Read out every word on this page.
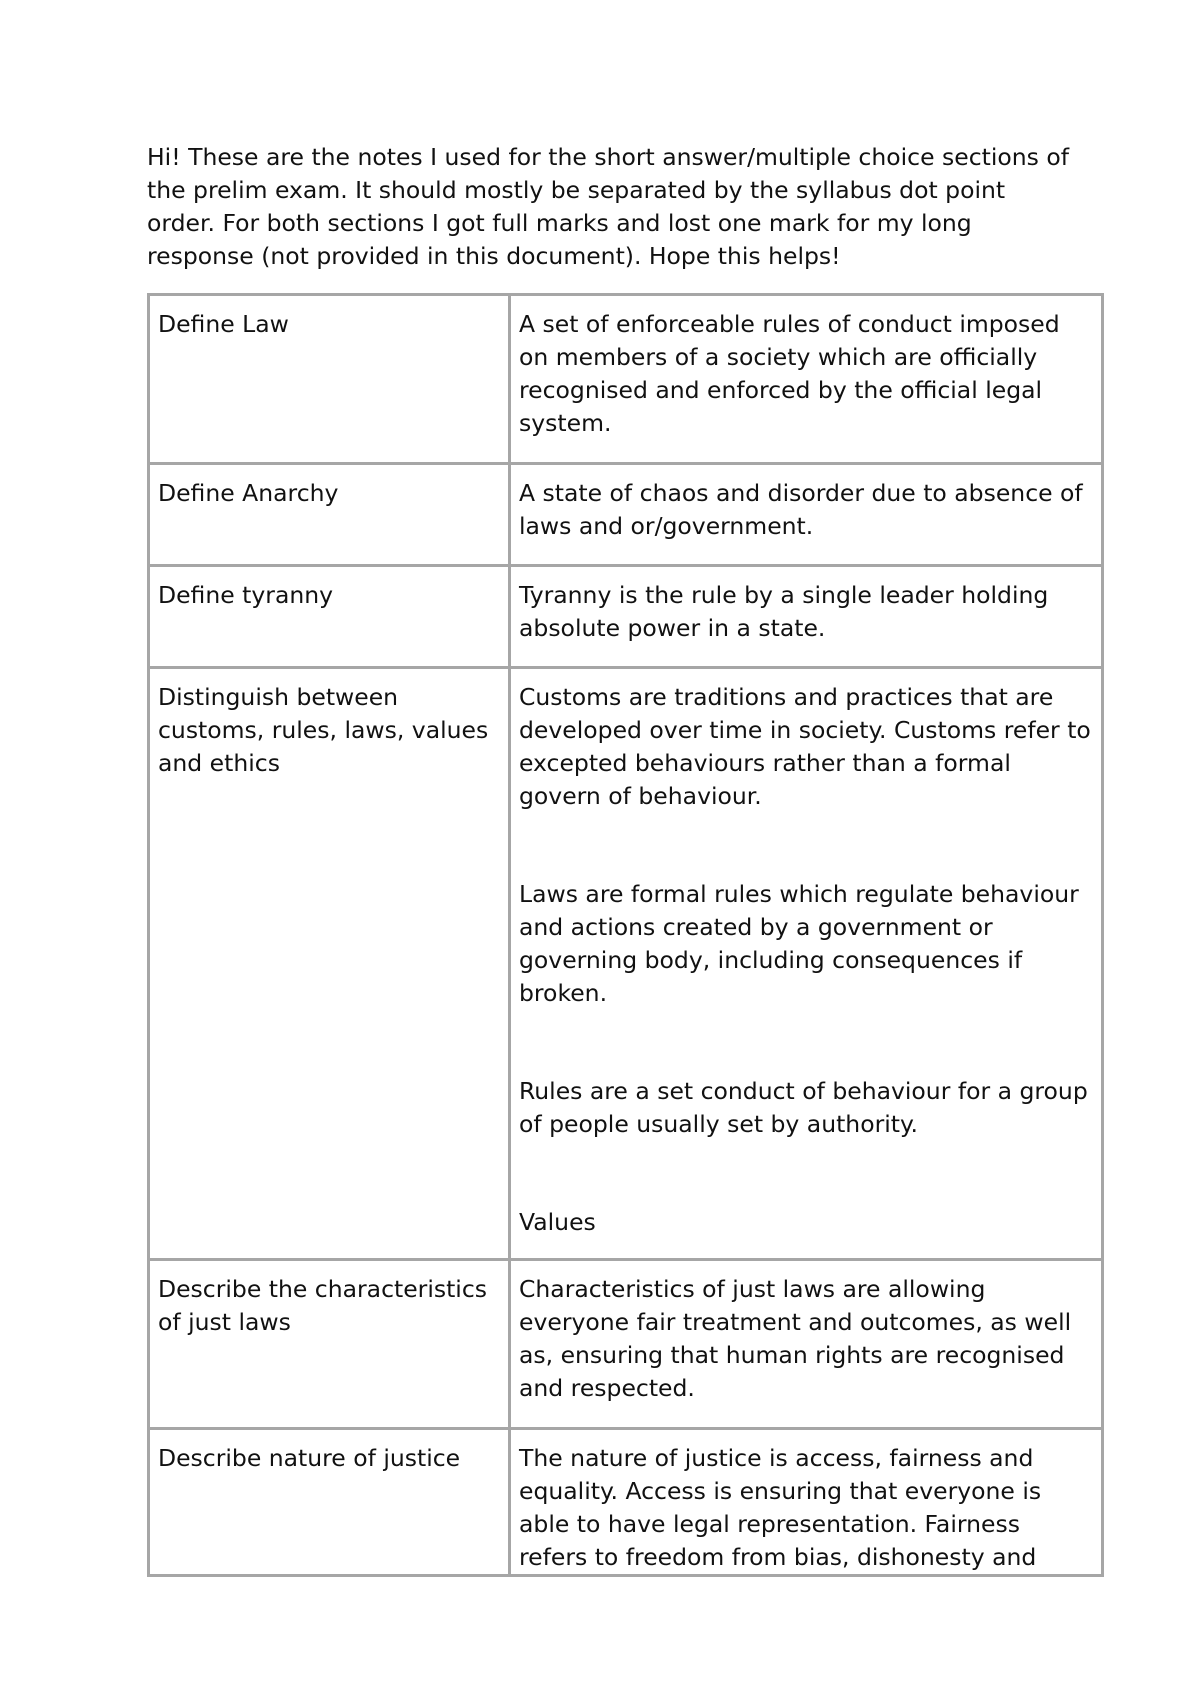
Hi! These are the notes I used for the short answer/multiple choice sections of the prelim exam. It should mostly be separated by the syllabus dot point order. For both sections I got full marks and lost one mark for my long response (not provided in this document). Hope this helps!

Define Law	A set of enforceable rules of conduct imposed on members of a society which are officially recognised and enforced by the official legal system.

Define Anarchy	A state of chaos and disorder due to absence of laws and or/government.

Define tyranny	Tyranny is the rule by a single leader holding absolute power in a state.

Distinguish between customs, rules, laws, values and ethics	Customs are traditions and practices that are developed over time in society. Customs refer to excepted behaviours rather than a formal govern of behaviour.

Laws are formal rules which regulate behaviour and actions created by a government or governing body, including consequences if broken.

Rules are a set conduct of behaviour for a group of people usually set by authority.

Values

Describe the characteristics of just laws	Characteristics of just laws are allowing everyone fair treatment and outcomes, as well as, ensuring that human rights are recognised and respected.

Describe nature of justice	The nature of justice is access, fairness and equality. Access is ensuring that everyone is able to have legal representation. Fairness refers to freedom from bias, dishonesty and
